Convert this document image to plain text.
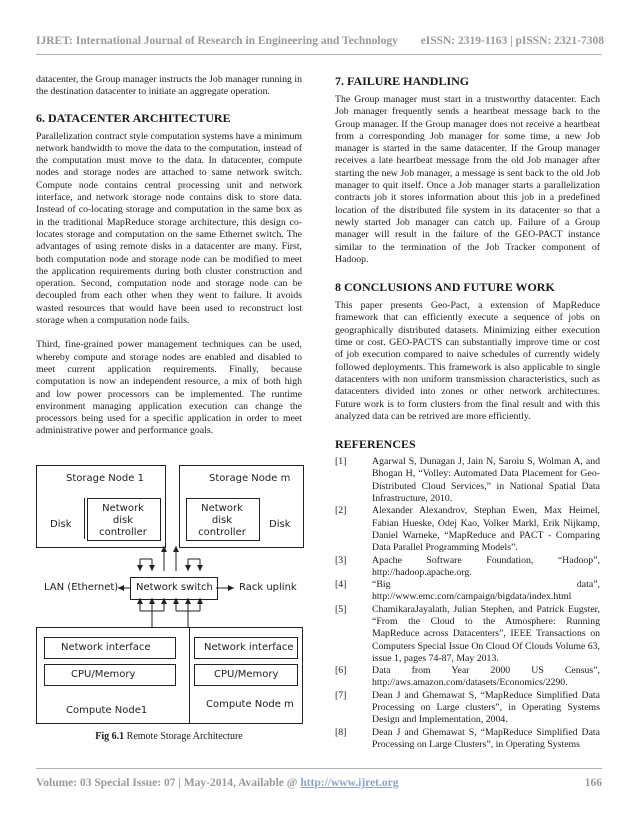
IJRET: International Journal of Research in Engineering and Technology eISSN: 2319-1163 | pISSN: 2321-7308

datacenter, the Group manager instructs the Job manager running in the destination datacenter to initiate an aggregate operation.

6. DATACENTER ARCHITECTURE

Parallelization contract style computation systems have a minimum network bandwidth to move the data to the computation, instead of the computation must move to the data. In datacenter, compute nodes and storage nodes are attached to same network switch. Compute node contains central processing unit and network interface, and network storage node contains disk to store data. Instead of co-locating storage and computation in the same box as in the traditional MapReduce storage architecture, this design co-locates storage and computation on the same Ethernet switch. The advantages of using remote disks in a datacenter are many. First, both computation node and storage node can be modified to meet the application requirements during both cluster construction and operation. Second, computation node and storage node can be decoupled from each other when they went to failure. It avoids wasted resources that would have been used to reconstruct lost storage when a computation node fails.

Third, fine-grained power management techniques can be used, whereby compute and storage nodes are enabled and disabled to meet current application requirements. Finally, because computation is now an independent resource, a mix of both high and low power processors can be implemented. The runtime environment managing application execution can change the processors being used for a specific application in order to meet administrative power and performance goals.

Storage Node 1
Network disk controller
Disk
Storage Node m
Network disk controller
Disk
LAN (Ethernet) Network switch	Rack uplink
Network interface
CPU/Memory
Compute Node1
Network interface
CPU/Memory
Compute Node m
Fig 6.1 Remote Storage Architecture
7. FAILURE HANDLING

The Group manager must start in a trustworthy datacenter. Each Job manager frequently sends a heartbeat message back to the Group manager. If the Group manager does not receive a heartbeat from a corresponding Job manager for some time, a new Job manager is started in the same datacenter. If the Group manager receives a late heartbeat message from the old Job manager after starting the new Job manager, a message is sent back to the old Job manager to quit itself. Once a Job manager starts a parallelization contracts job it stores information about this job in a predefined location of the distributed file system in its datacenter so that a newly started Job manager can catch up. Failure of a Group manager will result in the failure of the GEO-PACT instance similar to the termination of the Job Tracker component of Hadoop.

8 CONCLUSIONS AND FUTURE WORK

This paper presents Geo-Pact, a extension of MapReduce framework that can efficiently execute a sequence of jobs on geographically distributed datasets. Minimizing either execution time or cost. GEO-PACTS can substantially improve time or cost of job execution compared to naive schedules of currently widely followed deployments. This framework is also applicable to single datacenters with non uniform transmission characteristics, such as datacenters divided into zones or other network architectures. Future work is to form clusters from the final result and with this analyzed data can be retrived are more efficiently.

REFERENCES
[1]	Agarwal S, Dunagan J, Jain N, Saroiu S, Wolman A, and Bhogan H, “Volley: Automated Data Placement for Geo-Distributed Cloud Services,” in National Spatial Data Infrastructure, 2010.
[2]	Alexander Alexandrov, Stephan Ewen, Max Heimel, Fabian Hueske, Odej Kao, Volker Markl, Erik Nijkamp, Daniel Warneke, “MapReduce and PACT - Comparing Data Parallel Programming Models”.
[3]	Apache Software Foundation, “Hadoop”, http://hadoop.apache.org.
[4]	“Big data”, http://www.emc.com/campaign/bigdata/index.html
[5]	ChamikaraJayalath, Julian Stephen, and Patrick Eugster, “From the Cloud to the Atmosphere: Running MapReduce across Datacenters”, IEEE Transactions on Computers Special Issue On Cloud Of Clouds Volume 63, issue 1, pages 74-87, May 2013.
[6]	Data from Year 2000 US Census”, http://aws.amazon.com/datasets/Economics/2290.
[7]	Dean J and Ghemawat S, “MapReduce Simplified Data Processing on Large clusters”, in Operating Systems Design and Implementation, 2004.
[8]	Dean J and Ghemawat S, “MapReduce Simplified Data Processing on Large Clusters”, in Operating Systems
Volume: 03 Special Issue: 07 | May-2014, Available @ http://www.ijret.org	166
